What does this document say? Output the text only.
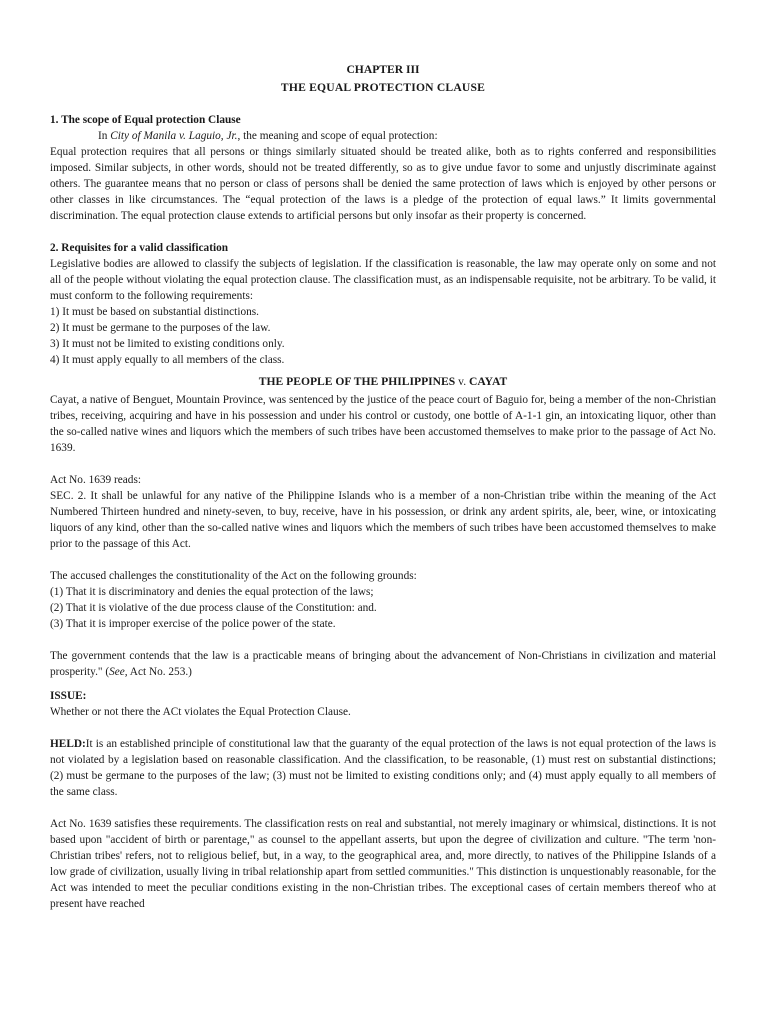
CHAPTER III
THE EQUAL PROTECTION CLAUSE
1. The scope of Equal protection Clause

In City of Manila v. Laguio, Jr., the meaning and scope of equal protection:

Equal protection requires that all persons or things similarly situated should be treated alike, both as to rights conferred and responsibilities imposed. Similar subjects, in other words, should not be treated differently, so as to give undue favor to some and unjustly discriminate against others. The guarantee means that no person or class of persons shall be denied the same protection of laws which is enjoyed by other persons or other classes in like circumstances. The “equal protection of the laws is a pledge of the protection of equal laws.” It limits governmental discrimination. The equal protection clause extends to artificial persons but only insofar as their property is concerned.

2. Requisites for a valid classification

Legislative bodies are allowed to classify the subjects of legislation. If the classification is reasonable, the law may operate only on some and not all of the people without violating the equal protection clause. The classification must, as an indispensable requisite, not be arbitrary. To be valid, it must conform to the following requirements:

1) It must be based on substantial distinctions.
2) It must be germane to the purposes of the law.
3) It must not be limited to existing conditions only.
4) It must apply equally to all members of the class.
THE PEOPLE OF THE PHILIPPINES v. CAYAT

Cayat, a native of Benguet, Mountain Province, was sentenced by the justice of the peace court of Baguio for, being a member of the non-Christian tribes, receiving, acquiring and have in his possession and under his control or custody, one bottle of A-1-1 gin, an intoxicating liquor, other than the so-called native wines and liquors which the members of such tribes have been accustomed themselves to make prior to the passage of Act No. 1639.

Act No. 1639 reads:

SEC. 2. It shall be unlawful for any native of the Philippine Islands who is a member of a non-Christian tribe within the meaning of the Act Numbered Thirteen hundred and ninety-seven, to buy, receive, have in his possession, or drink any ardent spirits, ale, beer, wine, or intoxicating liquors of any kind, other than the so-called native wines and liquors which the members of such tribes have been accustomed themselves to make prior to the passage of this Act.

The accused challenges the constitutionality of the Act on the following grounds:
(1) That it is discriminatory and denies the equal protection of the laws;
(2) That it is violative of the due process clause of the Constitution: and.
(3) That it is improper exercise of the police power of the state.

The government contends that the law is a practicable means of bringing about the advancement of Non-Christians in civilization and material prosperity." (See, Act No. 253.)

ISSUE:
Whether or not there the ACt violates the Equal Protection Clause.

HELD:It is an established principle of constitutional law that the guaranty of the equal protection of the laws is not equal protection of the laws is not violated by a legislation based on reasonable classification. And the classification, to be reasonable, (1) must rest on substantial distinctions; (2) must be germane to the purposes of the law; (3) must not be limited to existing conditions only; and (4) must apply equally to all members of the same class.

Act No. 1639 satisfies these requirements. The classification rests on real and substantial, not merely imaginary or whimsical, distinctions. It is not based upon "accident of birth or parentage," as counsel to the appellant asserts, but upon the degree of civilization and culture. "The term 'non-Christian tribes' refers, not to religious belief, but, in a way, to the geographical area, and, more directly, to natives of the Philippine Islands of a low grade of civilization, usually living in tribal relationship apart from settled communities." This distinction is unquestionably reasonable, for the Act was intended to meet the peculiar conditions existing in the non-Christian tribes. The exceptional cases of certain members thereof who at present have reached
